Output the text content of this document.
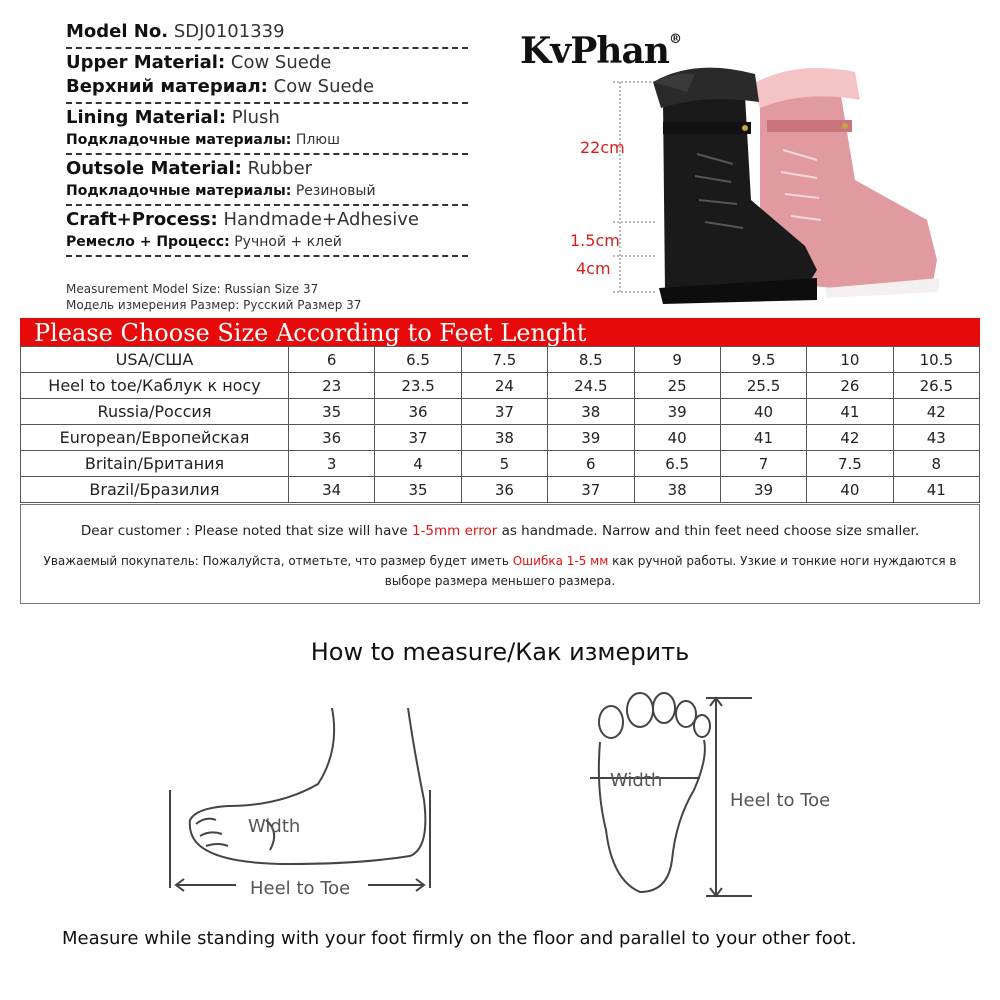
Model No. SDJ0101339
Upper Material: Cow Suede
Верхний материал: Cow Suede
Lining Material: Plush
Подкладочные материалы: Плюш
Outsole Material: Rubber
Подкладочные материалы: Резиновый
Craft+Process: Handmade+Adhesive
Ремесло + Процесс: Ручной + клей
Measurement Model Size: Russian Size 37
Модель измерения Размер: Русский Размер 37
KvPhan®
22cm
1.5cm
4cm
Please Choose Size According to Feet Lenght
USA/США	6	6.5	7.5	8.5	9	9.5	10	10.5
Heel to toe/Каблук к носу	23	23.5	24	24.5	25	25.5	26	26.5
Russia/Россия	35	36	37	38	39	40	41	42
European/Европейская	36	37	38	39	40	41	42	43
Britain/Британия	3	4	5	6	6.5	7	7.5	8
Brazil/Бразилия	34	35	36	37	38	39	40	41
Dear customer : Please noted that size will have 1-5mm error as handmade. Narrow and thin feet need choose size smaller.
Уважаемый покупатель: Пожалуйста, отметьте, что размер будет иметь Ошибка 1-5 мм как ручной работы. Узкие и тонкие ноги нуждаются в выборе размера меньшего размера.
How to measure/Как измерить
Width
Heel to Toe
Width
Heel to Toe
Measure while standing with your foot firmly on the floor and parallel to your other foot.
